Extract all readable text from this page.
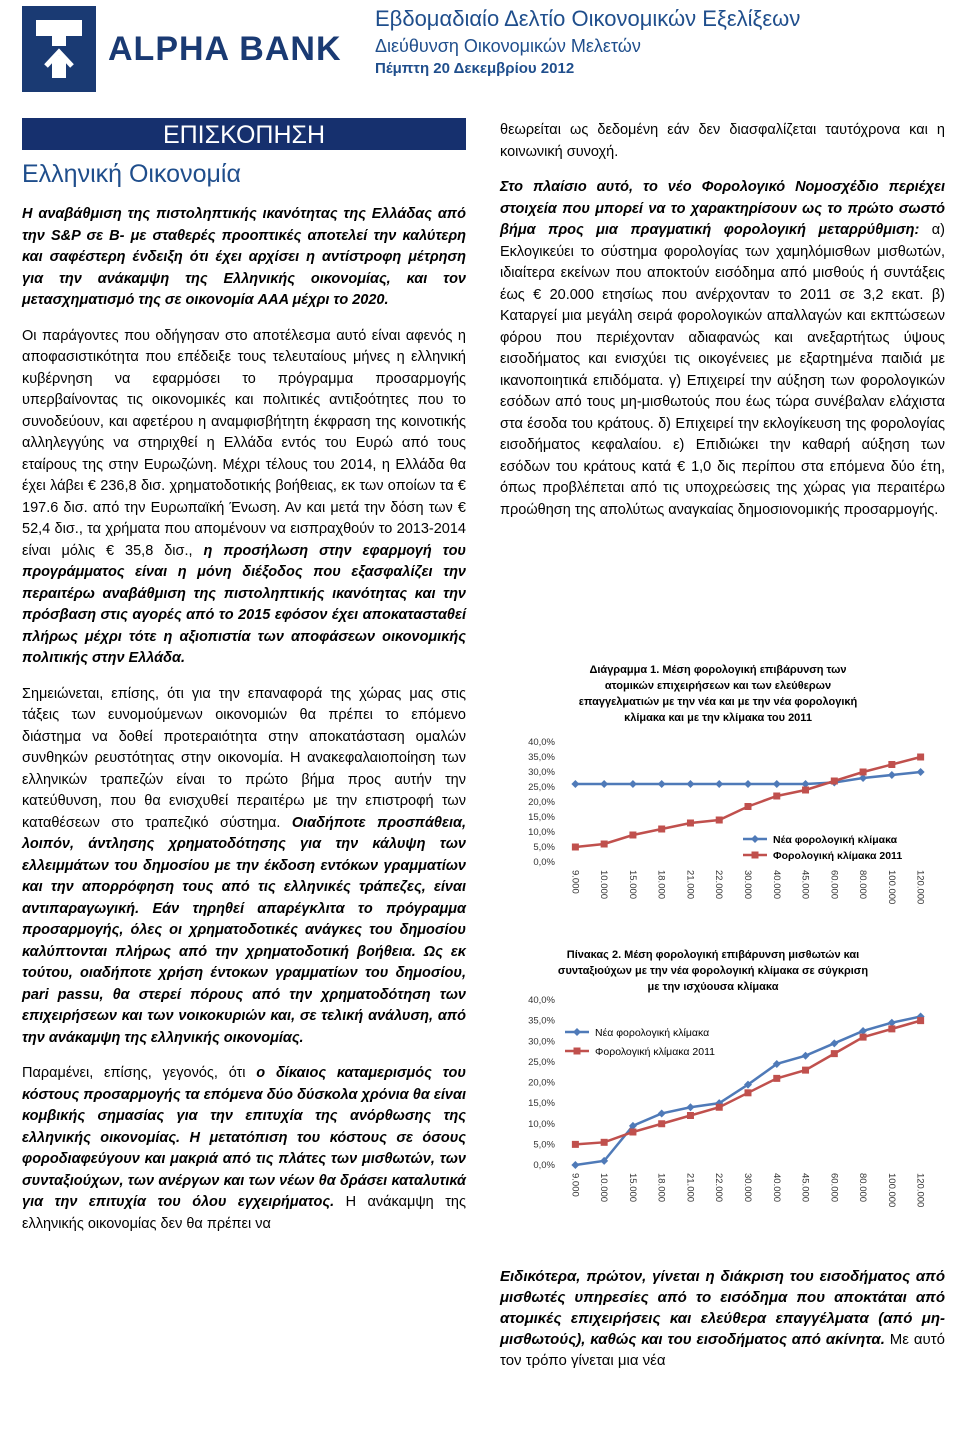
ALPHA BANK
Εβδομαδιαίο Δελτίο Οικονομικών Εξελίξεων
Διεύθυνση Οικονομικών Μελετών
Πέμπτη 20 Δεκεμβρίου 2012
ΕΠΙΣΚΟΠΗΣΗ
Ελληνική Οικονομία

Η αναβάθμιση της πιστοληπτικής ικανότητας της Ελλάδας από την S&P σε B- με σταθερές προοπτικές αποτελεί την καλύτερη και σαφέστερη ένδειξη ότι έχει αρχίσει η αντίστροφη μέτρηση για την ανάκαμψη της Ελληνικής οικονομίας, και τον μετασχηματισμό της σε οικονομία AAA μέχρι το 2020.

Οι παράγοντες που οδήγησαν στο αποτέλεσμα αυτό είναι αφενός η αποφασιστικότητα που επέδειξε τους τελευταίους μήνες η ελληνική κυβέρνηση να εφαρμόσει το πρόγραμμα προσαρμογής υπερβαίνοντας τις οικονομικές και πολιτικές αντιξοότητες που το συνοδεύουν, και αφετέρου η αναμφισβήτητη έκφραση της κοινοτικής αλληλεγγύης να στηριχθεί η Ελλάδα εντός του Ευρώ από τους εταίρους της στην Ευρωζώνη. Μέχρι τέλους του 2014, η Ελλάδα θα έχει λάβει € 236,8 δισ. χρηματοδοτικής βοήθειας, εκ των οποίων τα € 197.6 δισ. από την Ευρωπαϊκή Ένωση. Αν και μετά την δόση των € 52,4 δισ., τα χρήματα που απομένουν να εισπραχθούν το 2013-2014 είναι μόλις € 35,8 δισ., η προσήλωση στην εφαρμογή του προγράμματος είναι η μόνη διέξοδος που εξασφαλίζει την περαιτέρω αναβάθμιση της πιστοληπτικής ικανότητας και την πρόσβαση στις αγορές από το 2015 εφόσον έχει αποκατασταθεί πλήρως μέχρι τότε η αξιοπιστία των αποφάσεων οικονομικής πολιτικής στην Ελλάδα.

Σημειώνεται, επίσης, ότι για την επαναφορά της χώρας μας στις τάξεις των ευνομούμενων οικονομιών θα πρέπει το επόμενο διάστημα να δοθεί προτεραιότητα στην αποκατάσταση ομαλών συνθηκών ρευστότητας στην οικονομία. Η ανακεφαλαιοποίηση των ελληνικών τραπεζών είναι το πρώτο βήμα προς αυτήν την κατεύθυνση, που θα ενισχυθεί περαιτέρω με την επιστροφή των καταθέσεων στο τραπεζικό σύστημα. Οιαδήποτε προσπάθεια, λοιπόν, άντλησης χρηματοδότησης για την κάλυψη των ελλειμμάτων του δημοσίου με την έκδοση εντόκων γραμματίων και την απορρόφηση τους από τις ελληνικές τράπεζες, είναι αντιπαραγωγική. Εάν τηρηθεί απαρέγκλιτα το πρόγραμμα προσαρμογής, όλες οι χρηματοδοτικές ανάγκες του δημοσίου καλύπτονται πλήρως από την χρηματοδοτική βοήθεια. Ως εκ τούτου, οιαδήποτε χρήση έντοκων γραμματίων του δημοσίου, pari passu, θα στερεί πόρους από την χρηματοδότηση των επιχειρήσεων και των νοικοκυριών και, σε τελική ανάλυση, από την ανάκαμψη της ελληνικής οικονομίας.

Παραμένει, επίσης, γεγονός, ότι ο δίκαιος καταμερισμός του κόστους προσαρμογής τα επόμενα δύο δύσκολα χρόνια θα είναι κομβικής σημασίας για την επιτυχία της ανόρθωσης της ελληνικής οικονομίας. Η μετατόπιση του κόστους σε όσους φοροδιαφεύγουν και μακριά από τις πλάτες των μισθωτών, των συνταξιούχων, των ανέργων και των νέων θα δράσει καταλυτικά για την επιτυχία του όλου εγχειρήματος. Η ανάκαμψη της ελληνικής οικονομίας δεν θα πρέπει να

θεωρείται ως δεδομένη εάν δεν διασφαλίζεται ταυτόχρονα και η κοινωνική συνοχή.

Στο πλαίσιο αυτό, το νέο Φορολογικό Νομοσχέδιο περιέχει στοιχεία που μπορεί να το χαρακτηρίσουν ως το πρώτο σωστό βήμα προς μια πραγματική φορολογική μεταρρύθμιση: α) Εκλογικεύει το σύστημα φορολογίας των χαμηλόμισθων μισθωτών, ιδιαίτερα εκείνων που αποκτούν εισόδημα από μισθούς ή συντάξεις έως € 20.000 ετησίως που ανέρχονταν το 2011 σε 3,2 εκατ. β) Καταργεί μια μεγάλη σειρά φορολογικών απαλλαγών και εκπτώσεων φόρου που περιέχονταν αδιαφανώς και ανεξαρτήτως ύψους εισοδήματος και ενισχύει τις οικογένειες με εξαρτημένα παιδιά με ικανοποιητικά επιδόματα. γ) Επιχειρεί την αύξηση των φορολογικών εσόδων από τους μη-μισθωτούς που έως τώρα συνέβαλαν ελάχιστα στα έσοδα του κράτους. δ) Επιχειρεί την εκλογίκευση της φορολογίας εισοδήματος κεφαλαίου. ε) Επιδιώκει την καθαρή αύξηση των εσόδων του κράτους κατά € 1,0 δις περίπου στα επόμενα δύο έτη, όπως προβλέπεται από τις υποχρεώσεις της χώρας για περαιτέρω προώθηση της απολύτως αναγκαίας δημοσιονομικής προσαρμογής.

Διάγραμμα 1. Μέση φορολογική επιβάρυνση των
ατομικών επιχειρήσεων και των ελεύθερων
επαγγελματιών με την νέα και με την νέα φορολογική
κλίμακα και με την κλίμακα του 2011
0,0%
5,0%
10,0%
15,0%
20,0%
25,0%
30,0%
35,0%
40,0%
9.000 10.000 15.000 18.000 21.000 22.000 30.000 40.000 45.000 60.000 80.000 100.000 120.000
Νέα φορολογική κλίμακα
Φορολογική κλίμακα 2011
Πίνακας 2. Μέση φορολογική επιβάρυνση μισθωτών και
συνταξιούχων με την νέα φορολογική κλίμακα σε σύγκριση
με την ισχύουσα κλίμακα
0,0%
5,0%
10,0%
15,0%
20,0%
25,0%
30,0%
35,0%
40,0%
9.000 10.000 15.000 18.000 21.000 22.000 30.000 40.000 45.000 60.000 80.000 100.000 120.000
Νέα φορολογική κλίμακα
Φορολογική κλίμακα 2011

Ειδικότερα, πρώτον, γίνεται η διάκριση του εισοδήματος από μισθωτές υπηρεσίες από το εισόδημα που αποκτάται από ατομικές επιχειρήσεις και ελεύθερα επαγγέλματα (από μη-μισθωτούς), καθώς και του εισοδήματος από ακίνητα. Με αυτό τον τρόπο γίνεται μια νέα
